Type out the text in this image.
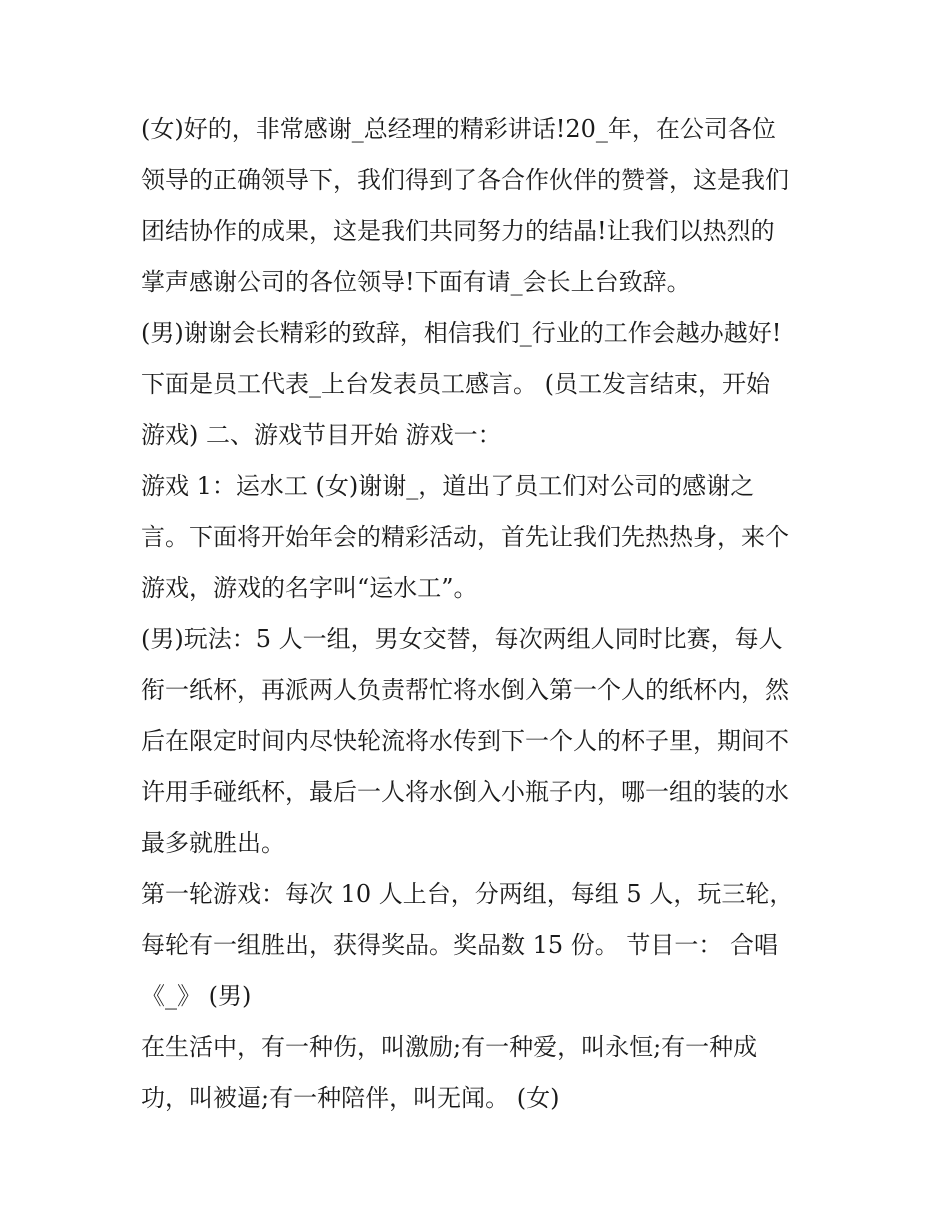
(女)好的，非常感谢_总经理的精彩讲话!20_年，在公司各位
领导的正确领导下，我们得到了各合作伙伴的赞誉，这是我们
团结协作的成果，这是我们共同努力的结晶!让我们以热烈的
掌声感谢公司的各位领导!下面有请_会长上台致辞。
(男)谢谢会长精彩的致辞，相信我们_行业的工作会越办越好!
下面是员工代表_上台发表员工感言。 (员工发言结束，开始
游戏) 二、游戏节目开始 游戏一：
游戏 1：运水工 (女)谢谢_，道出了员工们对公司的感谢之
言。下面将开始年会的精彩活动，首先让我们先热热身，来个
游戏，游戏的名字叫“运水工”。
(男)玩法：5 人一组，男女交替，每次两组人同时比赛，每人
衔一纸杯，再派两人负责帮忙将水倒入第一个人的纸杯内，然
后在限定时间内尽快轮流将水传到下一个人的杯子里，期间不
许用手碰纸杯，最后一人将水倒入小瓶子内，哪一组的装的水
最多就胜出。
第一轮游戏：每次 10 人上台，分两组，每组 5 人，玩三轮，
每轮有一组胜出，获得奖品。奖品数 15 份。 节目一： 合唱
《_》 (男)
在生活中，有一种伤，叫激励;有一种爱，叫永恒;有一种成
功，叫被逼;有一种陪伴，叫无闻。 (女)
